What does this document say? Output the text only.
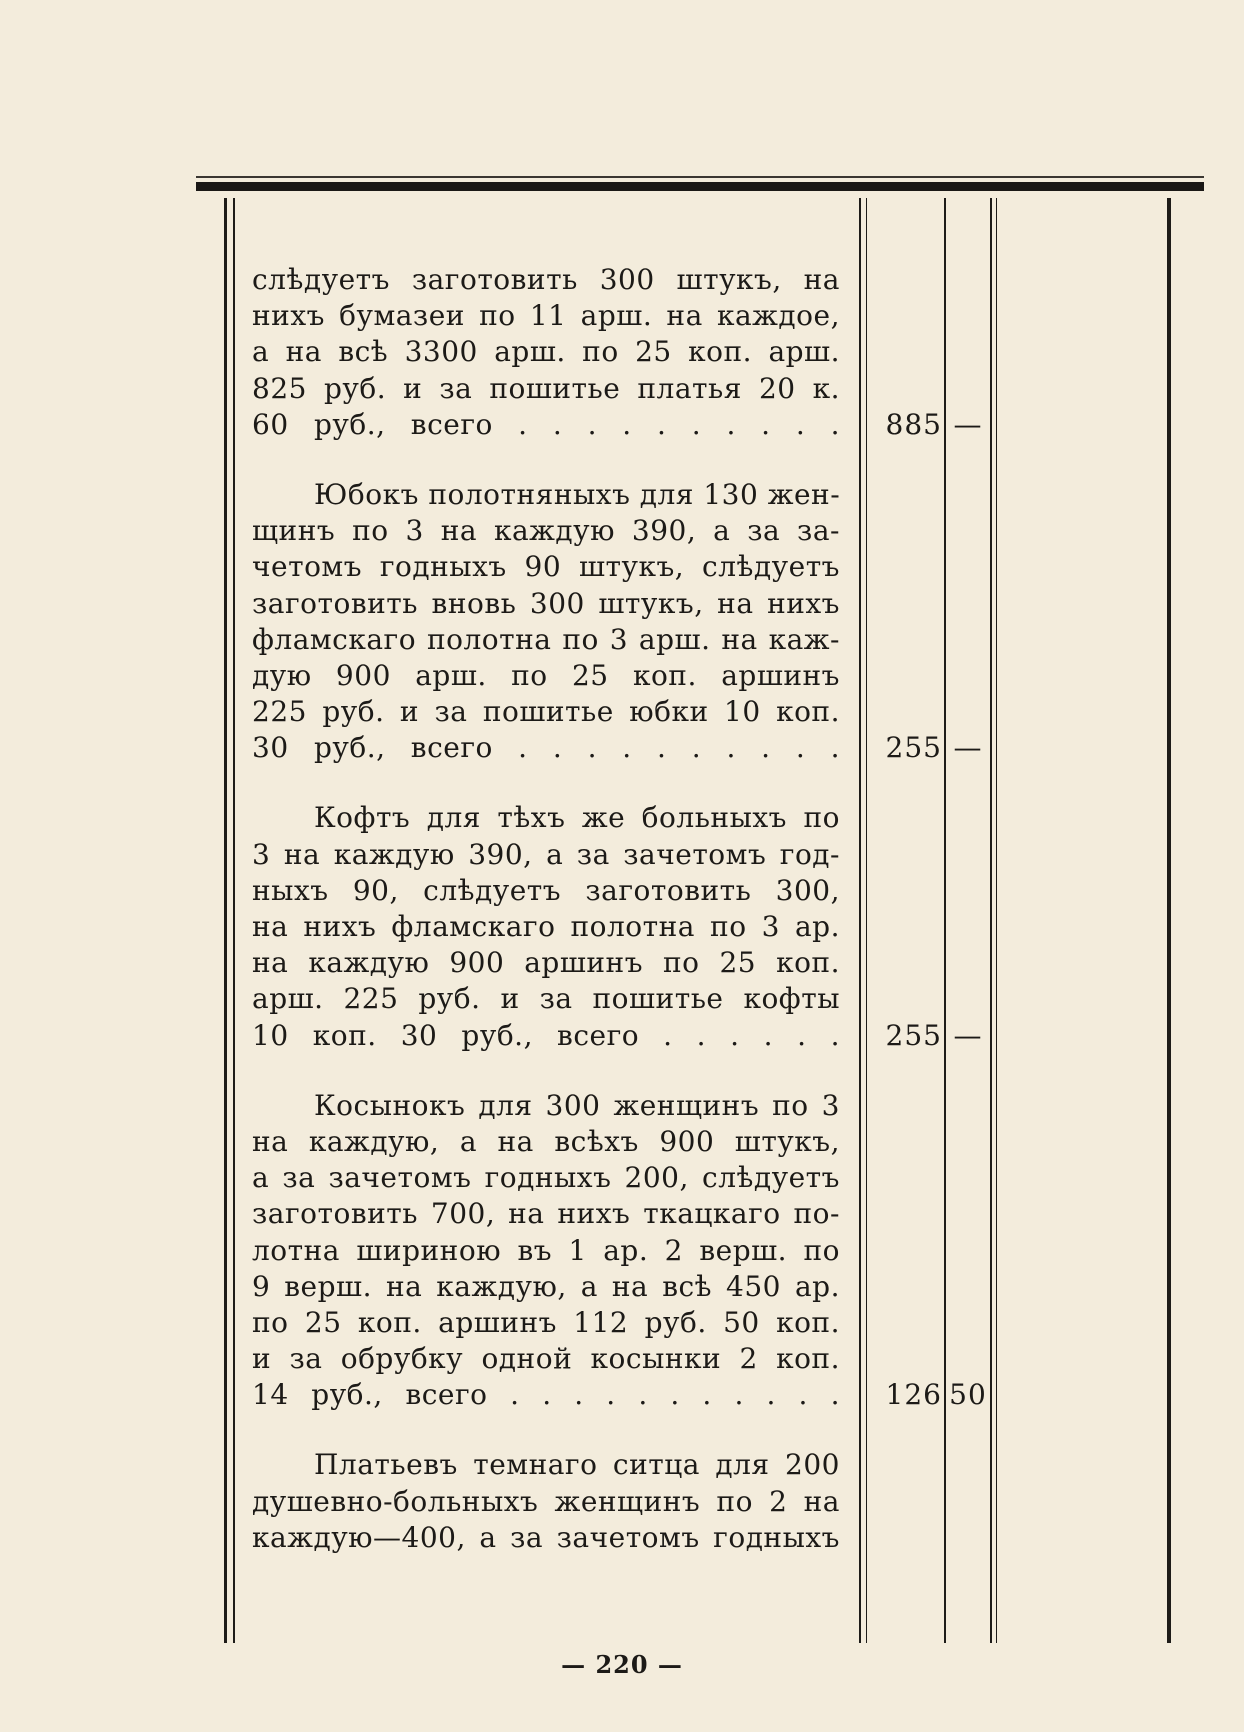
слѣдуетъ заготовить 300 штукъ, на
нихъ бумазеи по 11 арш. на каждое,
а на всѣ 3300 арш. по 25 коп. арш.
825 руб. и за пошитье платья 20 к.
60 руб., всего . . . . . . . . . .
Юбокъ полотняныхъ для 130 жен-
щинъ по 3 на каждую 390, а за за-
четомъ годныхъ 90 штукъ, слѣдуетъ
заготовить вновь 300 штукъ, на нихъ
фламскаго полотна по 3 арш. на каж-
дую 900 арш. по 25 коп. аршинъ
225 руб. и за пошитье юбки 10 коп.
30 руб., всего . . . . . . . . . .
Кофтъ для тѣхъ же больныхъ по
3 на каждую 390, а за зачетомъ год-
ныхъ 90, слѣдуетъ заготовить 300,
на нихъ фламскаго полотна по 3 ар.
на каждую 900 аршинъ по 25 коп.
арш. 225 руб. и за пошитье кофты
10 коп. 30 руб., всего . . . . . .
Косынокъ для 300 женщинъ по 3
на каждую, а на всѣхъ 900 штукъ,
а за зачетомъ годныхъ 200, слѣдуетъ
заготовить 700, на нихъ ткацкаго по-
лотна шириною въ 1 ар. 2 верш. по
9 верш. на каждую, а на всѣ 450 ар.
по 25 коп. аршинъ 112 руб. 50 коп.
и за обрубку одной косынки 2 коп.
14 руб., всего . . . . . . . . . . .
Платьевъ темнаго ситца для 200
душевно-больныхъ женщинъ по 2 на
каждую—400, а за зачетомъ годныхъ
885 —
255 —
255 —
126 50
— 220 —
